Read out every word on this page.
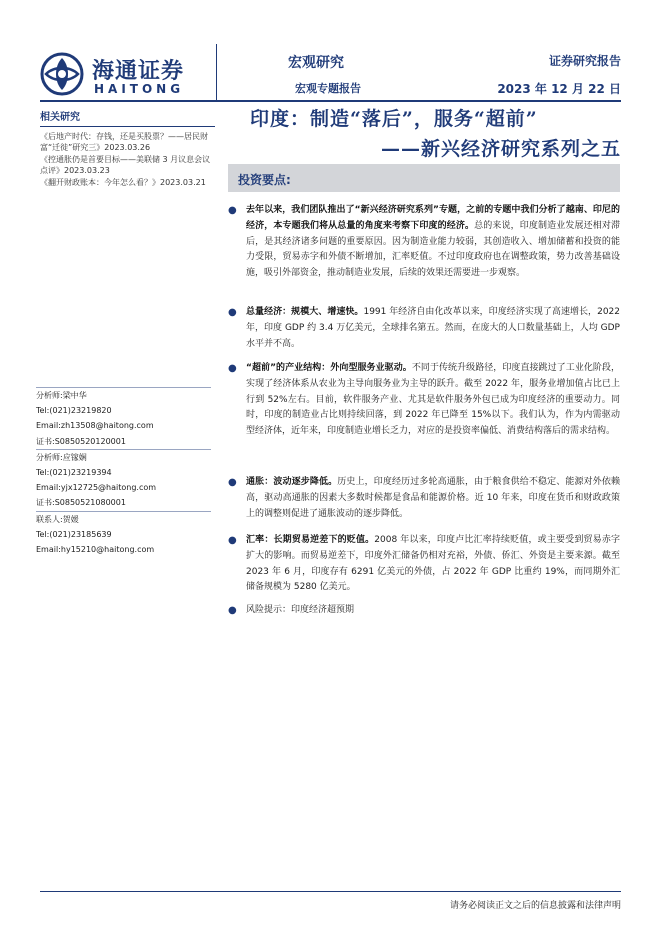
海通证券
HAITONG
宏观研究
宏观专题报告
证券研究报告
2023 年 12 月 22 日
印度：制造“落后”，服务“超前”
——新兴经济研究系列之五
相关研究

《后地产时代：存钱，还是买股票？——居民财富“迁徙”研究三》2023.03.26

《控通胀仍是首要目标——美联储 3 月议息会议点评》2023.03.23

《翻开财政账本：今年怎么看？》2023.03.21

分析师:梁中华
Tel:(021)23219820
Email:zh13508@haitong.com
证书:S0850520120001
分析师:应镓娴
Tel:(021)23219394
Email:yjx12725@haitong.com
证书:S0850521080001
联系人:贺媛
Tel:(021)23185639
Email:hy15210@haitong.com
投资要点:
● 去年以来，我们团队推出了“新兴经济研究系列”专题，之前的专题中我们分析了越南、印尼的经济，本专题我们将从总量的角度来考察下印度的经济。总的来说，印度制造业发展还相对滞后，是其经济诸多问题的重要原因。因为制造业能力较弱，其创造收入、增加储蓄和投资的能力受限，贸易赤字和外债不断增加，汇率贬值。不过印度政府也在调整政策，势力改善基础设施，吸引外部资金，推动制造业发展，后续的效果还需要进一步观察。
● 总量经济：规模大、增速快。1991 年经济自由化改革以来，印度经济实现了高速增长，2022 年，印度 GDP 约 3.4 万亿美元，全球排名第五。然而，在庞大的人口数量基础上，人均 GDP 水平并不高。
● “超前”的产业结构：外向型服务业驱动。不同于传统升级路径，印度直接跳过了工业化阶段，实现了经济体系从农业为主导向服务业为主导的跃升。截至 2022 年，服务业增加值占比已上行到 52%左右。目前，软件服务产业、尤其是软件服务外包已成为印度经济的重要动力。同时，印度的制造业占比则持续回落，到 2022 年已降至 15%以下。我们认为，作为内需驱动型经济体，近年来，印度制造业增长乏力，对应的是投资率偏低、消费结构落后的需求结构。
● 通胀：波动逐步降低。历史上，印度经历过多轮高通胀，由于粮食供给不稳定、能源对外依赖高，驱动高通胀的因素大多数时候都是食品和能源价格。近 10 年来，印度在货币和财政政策上的调整则促进了通胀波动的逐步降低。
● 汇率：长期贸易逆差下的贬值。2008 年以来，印度卢比汇率持续贬值，或主要受到贸易赤字扩大的影响。而贸易逆差下，印度外汇储备仍相对充裕，外债、侨汇、外资是主要来源。截至 2023 年 6 月，印度存有 6291 亿美元的外债，占 2022 年 GDP 比重约 19%，而同期外汇储备规模为 5280 亿美元。
● 风险提示：印度经济超预期
请务必阅读正文之后的信息披露和法律声明
